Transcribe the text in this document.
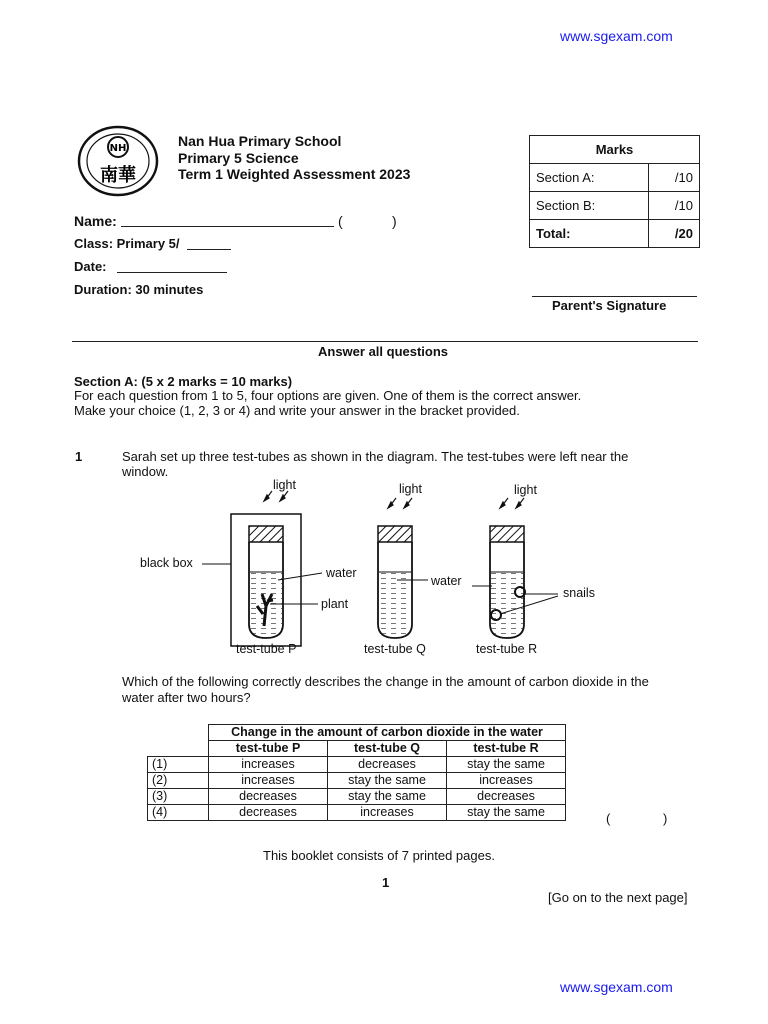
www.sgexam.com
NH
南華
Nan Hua Primary School
Primary 5 Science
Term 1 Weighted Assessment 2023
Marks	
Section A:	/10
Section B:	/10
Total:	/20
Name:	(	)
Class: Primary 5/
Date:
Duration: 30 minutes
Parent's Signature
Answer all questions
Section A: (5 x 2 marks = 10 marks)
For each question from 1 to 5, four options are given. One of them is the correct answer.
Make your choice (1, 2, 3 or 4) and write your answer in the bracket provided.
1	Sarah set up three test-tubes as shown in the diagram. The test-tubes were left near the
window.
light	light	light
black box
water
plant
water
snails
test-tube P	test-tube Q	test-tube R
Which of the following correctly describes the change in the amount of carbon dioxide in the
water after two hours?
	Change in the amount of carbon dioxide in the water		
	test-tube P	test-tube Q	test-tube R
(1)	increases	decreases	stay the same
(2)	increases	stay the same	increases
(3)	decreases	stay the same	decreases
(4)	decreases	increases	stay the same	(	)
This booklet consists of 7 printed pages.
1
[Go on to the next page]
www.sgexam.com
